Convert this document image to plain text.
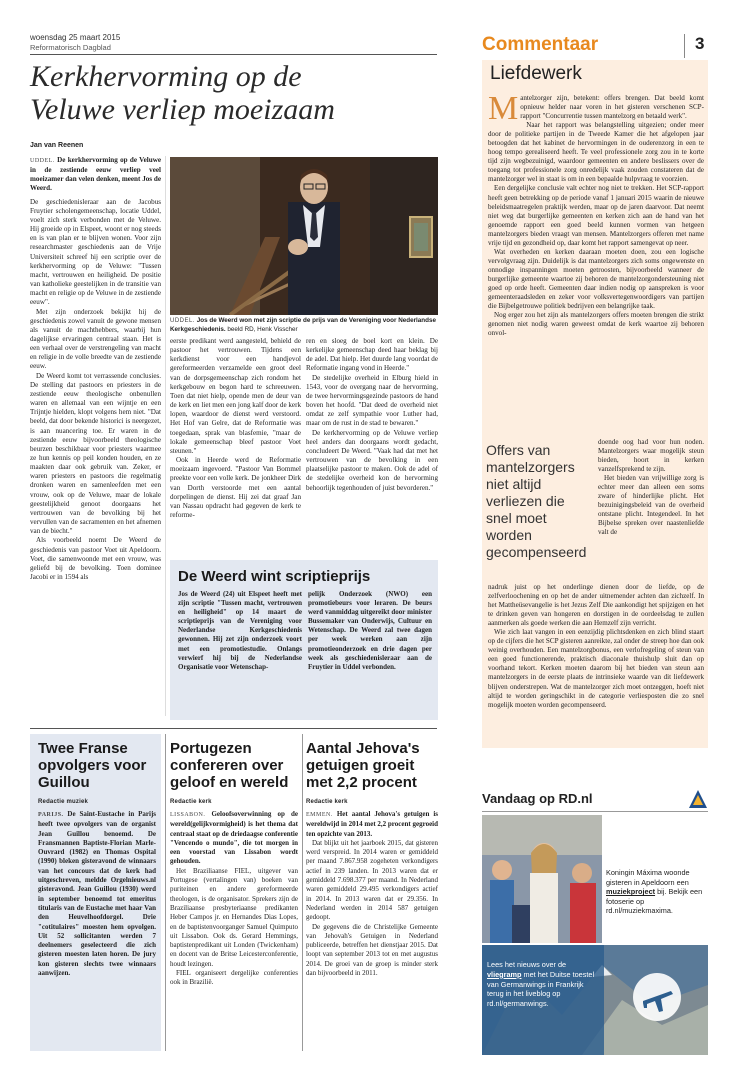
woensdag 25 maart 2015
Reformatorisch Dagblad
Kerkhervorming op de
Veluwe verliep moeizaam
Jan van Reenen

UDDEL. De kerkhervorming op de Veluwe in de zestiende eeuw verliep veel moeizamer dan velen denken, meent Jos de Weerd.

De geschiedenisleraar aan de Jacobus Fruytier scholengemeenschap, locatie Uddel, voelt zich sterk verbonden met de Veluwe. Hij groeide op in Elspeet, woont er nog steeds en is van plan er te blijven wonen. Voor zijn researchmaster geschiedenis aan de Vrije Universiteit schreef hij een scriptie over de kerkhervorming op de Veluwe: "Tussen macht, vertrouwen en heiligheid. De positie van katholieke geestelijken in de transitie van macht en religie op de Veluwe in de zestiende eeuw".

Met zijn onderzoek bekijkt hij de geschiedenis zowel vanuit de gewone mensen als vanuit de machthebbers, waarbij hun dagelijkse ervaringen centraal staan. Het is een verhaal over de verstrengeling van macht en religie in de volle breedte van de zestiende eeuw.

De Weerd komt tot verrassende conclusies. De stelling dat pastoors en priesters in de zestiende eeuw theologische onbenullen waren en allemaal van een wijntje en een Trijntje hielden, klopt volgens hem niet. "Dat beeld, dat door bekende historici is neergezet, is aan nuancering toe. Er waren in de zestiende eeuw bijvoorbeeld theologische beurzen beschikbaar voor priesters waarmee ze hun kennis op peil konden houden, en ze maakten daar ook gebruik van. Zeker, er waren priesters en pastoors die regelmatig dronken waren en samenleefden met een vrouw, ook op de Veluwe, maar de lokale geestelijkheid genoot doorgaans het vertrouwen van de bevolking bij het vervullen van de sacramenten en het afnemen van de biecht."

Als voorbeeld noemt De Weerd de geschiedenis van pastoor Voet uit Apeldoorn. Voet, die samenwoonde met een vrouw, was geliefd bij de bevolking. Toen dominee Jacobi er in 1594 als

UDDEL. Jos de Weerd won met zijn scriptie de prijs van de Vereniging voor Nederlandse Kerkgeschiedenis. beeld RD, Henk Visscher

eerste predikant werd aangesteld, behield de pastoor het vertrouwen. Tijdens een kerkdienst voor een handjevol gereformeerden verzamelde een groot deel van de dorpsgemeenschap zich rondom het kerkgebouw en begon hard te schreeuwen. Toen dat niet hielp, opende men de deur van de kerk en liet men een jong kalf door de kerk lopen, waardoor de dienst werd verstoord. Het Hof van Gelre, dat de Reformatie was toegedaan, sprak van blasfemie, "maar de lokale gemeenschap bleef pastoor Voet steunen."

Ook in Heerde werd de Reformatie moeizaam ingevoerd. "Pastoor Van Bommel preekte voor een volle kerk. De jonkheer Dirk van Dorth verstoorde met een aantal dorpelingen de dienst. Hij zei dat graaf Jan van Nassau opdracht had gegeven de kerk te reforme-

ren en sloeg de boel kort en klein. De kerkelijke gemeenschap deed haar beklag bij de adel. Dat hielp. Het duurde lang voordat de Reformatie ingang vond in Heerde."

De stedelijke overheid in Elburg hield in 1543, voor de overgang naar de hervorming, de twee hervormingsgezinde pastoors de hand boven het hoofd. "Dat deed de overheid niet omdat ze zelf sympathie voor Luther had, maar om de rust in de stad te bewaren."

De kerkhervorming op de Veluwe verliep heel anders dan doorgaans wordt gedacht, concludeert De Weerd. "Vaak had dat met het vertrouwen van de bevolking in een plaatselijke pastoor te maken. Ook de adel of de stedelijke overheid kon de hervorming behoorlijk tegenhouden of juist bevorderen."

De Weerd wint scriptieprijs
Jos de Weerd (24) uit Elspeet heeft met zijn scriptie "Tussen macht, vertrouwen en heiligheid" op 14 maart de scriptieprijs van de Vereniging voor Nederlandse Kerkgeschiedenis gewonnen. Hij zet zijn onderzoek voort met een promotiestudie. Onlangs verwierf hij bij de Nederlandse Organisatie voor Wetenschap-
pelijk Onderzoek (NWO) een promotiebeurs voor leraren. De beurs werd vanmiddag uitgereikt door minister Bussemaker van Onderwijs, Cultuur en Wetenschap. De Weerd zal twee dagen per week werken aan zijn promotieonderzoek en drie dagen per week als geschiedenisleraar aan de Fruytier in Uddel verbonden.
Twee Franse opvolgers voor Guillou
Redactie muziek
PARIJS. De Saint-Eustache in Parijs heeft twee opvolgers van de organist Jean Guillou benoemd. De Fransmannen Baptiste-Florian Marle-Ouvrard (1982) en Thomas Ospital (1990) bleken gisteravond de winnaars van het concours dat de kerk had uitgeschreven, meldde Orgelnieuws.nl gisteravond. Jean Guillou (1930) werd in september benoemd tot emeritus titularis van de Eustache met haar Van den Heuvelhoofdorgel. Drie "cotitulaires" moesten hem opvolgen. Uit 52 sollicitanten werden 7 deelnemers geselecteerd die zich gisteren moesten laten horen. De jury kon gisteren slechts twee winnaars aanwijzen.
Portugezen confereren over geloof en wereld
Redactie kerk

LISSABON. Geloofsoverwinning op de wereld(gelijkvormigheid) is het thema dat centraal staat op de driedaagse conferentie "Vencendo o mundo", die tot morgen in een voorstad van Lissabon wordt gehouden.

Het Braziliaanse FIEL, uitgever van Portugese (vertalingen van) boeken van puriteinen en andere gereformeerde theologen, is de organisator. Sprekers zijn de Braziliaanse presbyteriaanse predikanten Heber Campos jr. en Hernandes Dias Lopes, en de baptistenvoorganger Samuel Quimputo uit Lissabon. Ook ds. Gerard Hemmings, baptistenpredikant uit Londen (Twickenham) en docent van de Britse Leicesterconferentie, houdt lezingen.

FIEL organiseert dergelijke conferenties ook in Brazilië.

Aantal Jehova's getuigen groeit met 2,2 procent
Redactie kerk

EMMEN. Het aantal Jehova's getuigen is wereldwijd in 2014 met 2,2 procent gegroeid ten opzichte van 2013.

Dat blijkt uit het jaarboek 2015, dat gisteren werd verspreid. In 2014 waren er gemiddeld per maand 7.867.958 zogeheten verkondigers actief in 239 landen. In 2013 waren dat er gemiddeld 7.698.377 per maand. In Nederland waren gemiddeld 29.495 verkondigers actief in 2014. In 2013 waren dat er 29.356. In Nederland werden in 2014 587 getuigen gedoopt.

De gegevens die de Christelijke Gemeente van Jehovah's Getuigen in Nederland publiceerde, betreffen het dienstjaar 2015. Dat loopt van september 2013 tot en met augustus 2014. De groei van de groep is minder sterk dan bijvoorbeeld in 2011.

Commentaar	3
Liefdewerk

Mantelzorger zijn, betekent: offers brengen. Dat beeld komt opnieuw helder naar voren in het gisteren verschenen SCP-rapport "Concurrentie tussen mantelzorg en betaald werk".

Naar het rapport was belangstelling uitgezien; onder meer door de politieke partijen in de Tweede Kamer die het afgelopen jaar betoogden dat het kabinet de hervormingen in de ouderenzorg in een te hoog tempo gerealiseerd heeft. Te veel professionele zorg zou in te korte tijd zijn wegbezuinigd, waardoor gemeenten en andere beslissers over de toegang tot professionele zorg onredelijk vaak zouden constateren dat de mantelzorger wel in staat is om in een bepaalde hulpvraag te voorzien.

Een dergelijke conclusie valt echter nog niet te trekken. Het SCP-rapport heeft geen betrekking op de periode vanaf 1 januari 2015 waarin de nieuwe beleidsmaatregelen praktijk werden, maar op de jaren daarvoor. Dat neemt niet weg dat burgerlijke gemeenten en kerken zich aan de hand van het genoemde rapport een goed beeld kunnen vormen van hetgeen mantelzorgers bieden vraagt van mensen. Mantelzorgers offeren met name vrije tijd en gezondheid op, daar komt het rapport samengevat op neer.

Wat overheden en kerken daaraan moeten doen, zou een logische vervolgvraag zijn. Duidelijk is dat mantelzorgers zich soms ongewenste en onnodige inspanningen moeten getroosten, bijvoorbeeld wanneer de burgerlijke gemeente waartoe zij behoren de mantelzorgondersteuning niet goed op orde heeft. Gemeenten daar indien nodig op aanspreken is voor gemeenteraadsleden en zeker voor volksvertegenwoordigers van partijen die Bijbelgetrouwe politiek bedrijven een belangrijke taak.

Nog erger zou het zijn als mantelzorgers offers moeten brengen die strikt genomen niet nodig waren geweest omdat de kerk waartoe zij behoren onvol-

Offers van mantelzorgers niet altijd verliezen die snel moet worden gecompenseerd

doende oog had voor hun noden. Mantelzorgers waar mogelijk steun bieden, hoort in kerken vanzelfsprekend te zijn.

Het bieden van vrijwillige zorg is echter meer dan alleen een soms zware of hinderlijke plicht. Het bezuinigingsbeleid van de overheid ontstane plicht. Integendeel. In het Bijbelse spreken over naastenliefde valt de

nadruk juist op het onderlinge dienen door de liefde, op de zelfverloochening en op het de ander uitnemender achten dan zichzelf. In het Mattheüsevangelie is het Jezus Zelf Die aankondigt het spijzigen en het te drinken geven van hongeren en dorstigen in de oordeelsdag te zullen aanmerken als goede werken die aan Hemzelf zijn verricht.

Wie zich laat vangen in een eenzijdig plichtsdenken en zich blind staart op de cijfers die het SCP gisteren aanreikte, zal onder de streep hoe dan ook weinig overhouden. Een mantelzorgbonus, een verlofregeling of steun van een goed functionerende, praktisch diaconale thuishulp sluit dan op voorhand tekort. Kerken moeten daarom bij het bieden van steun aan mantelzorgers in de eerste plaats de intrinsieke waarde van dit liefdewerk blijven onderstrepen. Wat de mantelzorger zich moet ontzeggen, hoeft niet altijd te worden geringschikt in de categorie verliesposten die zo snel mogelijk moeten worden gecompenseerd.

Vandaag op RD.nl
Koningin Máxima woonde gisteren in Apeldoorn een muziekproject bij. Bekijk een fotoserie op rd.nl/muziekmaxima.
Lees het nieuws over de vliegramp met het Duitse toestel van Germanwings in Frankrijk terug in het liveblog op rd.nl/germanwings.
